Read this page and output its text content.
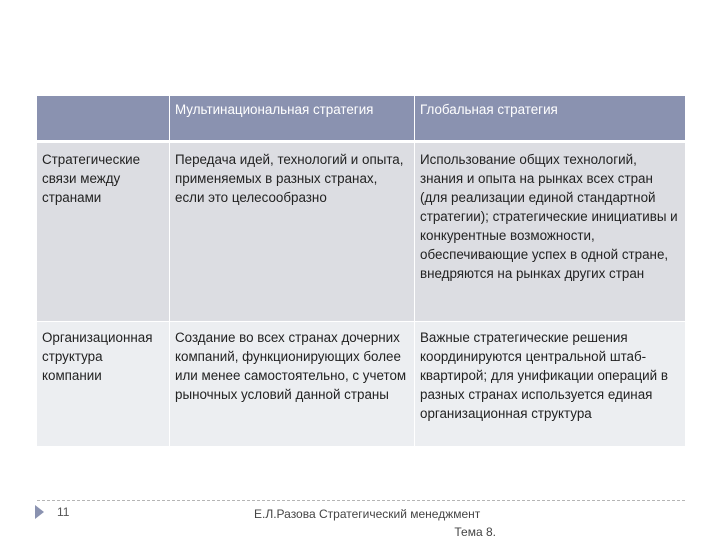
Мультинациональная стратегия	Глобальная стратегия
Стратегические связи между странами
Передача идей, технологий и опыта, применяемых в разных странах, если это целесообразно
Использование общих технологий, знания и опыта на рынках всех стран (для реализации единой стандартной стратегии); стратегические инициативы и конкурентные возможности, обеспечивающие успех в одной стране, внедряются на рынках других стран
Организационная структура компании
Создание во всех странах дочерних компаний, функционирующих более или менее самостоятельно, с учетом рыночных условий данной страны
Важные стратегические решения координируются центральной штаб-квартирой; для унификации операций в разных странах используется единая организационная структура
11	Е.Л.Разова Стратегический менеджмент
Тема 8.
